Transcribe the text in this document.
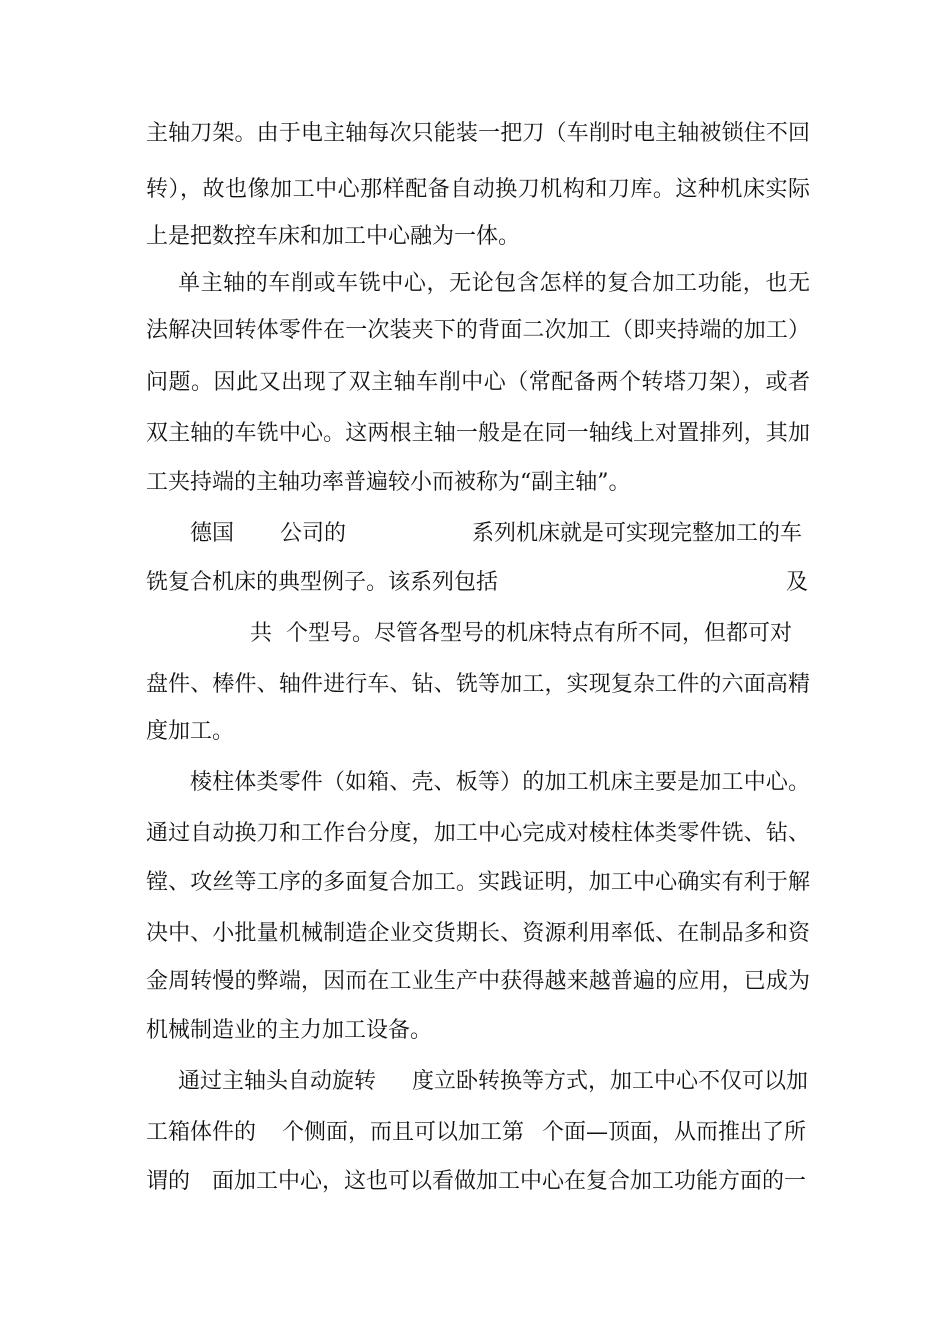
主轴刀架。由于电主轴每次只能装一把刀（车削时电主轴被锁住不回

转），故也像加工中心那样配备自动换刀机构和刀库。这种机床实际

上是把数控车床和加工中心融为一体。

单主轴的车削或车铣中心，无论包含怎样的复合加工功能，也无

法解决回转体零件在一次装夹下的背面二次加工（即夹持端的加工）

问题。因此又出现了双主轴车削中心（常配备两个转塔刀架），或者

双主轴的车铣中心。这两根主轴一般是在同一轴线上对置排列，其加

工夹持端的主轴功率普遍较小而被称为“副主轴”。

德国

公司的

	系列机床就是可实现完整加工的车

铣复合机床的典型例子。该系列包括

	及

共

个型号。尽管各型号的机床特点有所不同，但都可对

盘件、棒件、轴件进行车、钻、铣等加工，实现复杂工件的六面高精

度加工。

棱柱体类零件（如箱、壳、板等）的加工机床主要是加工中心。

通过自动换刀和工作台分度，加工中心完成对棱柱体类零件铣、钻、

镗、攻丝等工序的多面复合加工。实践证明，加工中心确实有利于解

决中、小批量机械制造企业交货期长、资源利用率低、在制品多和资

金周转慢的弊端，因而在工业生产中获得越来越普遍的应用，已成为

机械制造业的主力加工设备。

通过主轴头自动旋转

度立卧转换等方式，加工中心不仅可以加

工箱体件的

个侧面，而且可以加工第

个面—顶面，从而推出了所

谓的

面加工中心，这也可以看做加工中心在复合加工功能方面的一
